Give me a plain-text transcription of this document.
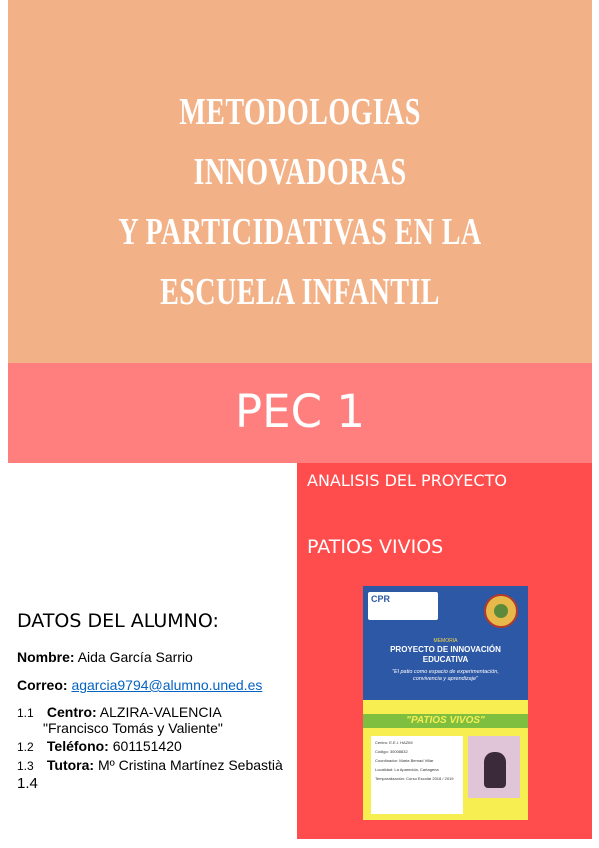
METODOLOGIAS INNOVADORAS
Y PARTICIDATIVAS EN LA
ESCUELA INFANTIL
PEC 1
ANALISIS DEL PROYECTO
PATIOS VIVIOS
DATOS DEL ALUMNO:
Nombre: Aida García Sarrio
Correo: agarcia9794@alumno.uned.es
1.1 Centro: ALZIRA-VALENCIA
"Francisco Tomás y Valiente"
1.2 Teléfono: 601151420
1.3 Tutora: Mº Cristina Martínez Sebastià
1.4
CPR
MEMORIA
PROYECTO DE INNOVACIÓN
EDUCATIVA
"El patio como espacio de experimentación,
convivencia y aprendizaje"
"PATIOS VIVOS"
Centro: E.E.I. HAZIM
Código: 30008832
Coordinador: Marta Bernad Villar
Localidad: La Aparecida, Cartagena
Temporalización: Curso Escolar 2018 / 2019
